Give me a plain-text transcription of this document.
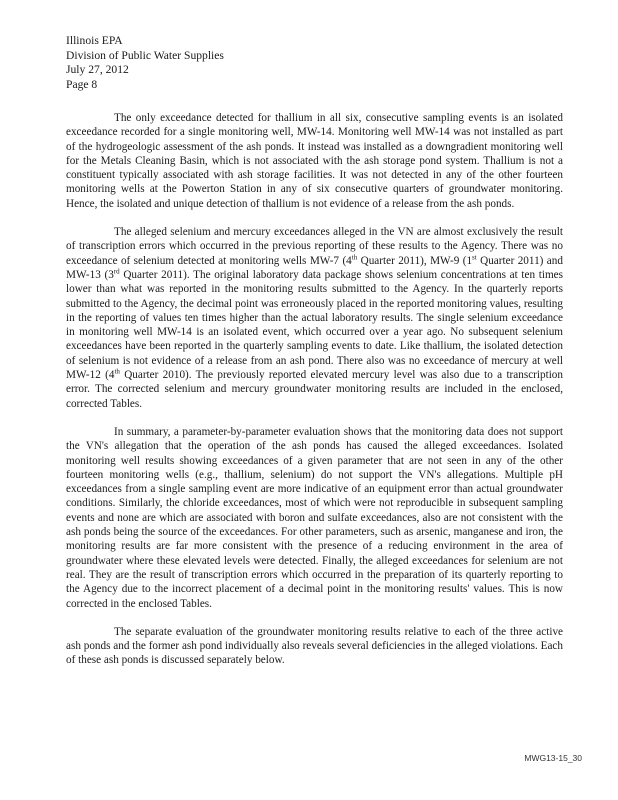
Illinois EPA
Division of Public Water Supplies
July 27, 2012
Page 8

The only exceedance detected for thallium in all six, consecutive sampling events is an isolated exceedance recorded for a single monitoring well, MW-14. Monitoring well MW-14 was not installed as part of the hydrogeologic assessment of the ash ponds. It instead was installed as a downgradient monitoring well for the Metals Cleaning Basin, which is not associated with the ash storage pond system. Thallium is not a constituent typically associated with ash storage facilities. It was not detected in any of the other fourteen monitoring wells at the Powerton Station in any of six consecutive quarters of groundwater monitoring. Hence, the isolated and unique detection of thallium is not evidence of a release from the ash ponds.

The alleged selenium and mercury exceedances alleged in the VN are almost exclusively the result of transcription errors which occurred in the previous reporting of these results to the Agency. There was no exceedance of selenium detected at monitoring wells MW-7 (4th Quarter 2011), MW-9 (1st Quarter 2011) and MW-13 (3rd Quarter 2011). The original laboratory data package shows selenium concentrations at ten times lower than what was reported in the monitoring results submitted to the Agency. In the quarterly reports submitted to the Agency, the decimal point was erroneously placed in the reported monitoring values, resulting in the reporting of values ten times higher than the actual laboratory results. The single selenium exceedance in monitoring well MW-14 is an isolated event, which occurred over a year ago. No subsequent selenium exceedances have been reported in the quarterly sampling events to date. Like thallium, the isolated detection of selenium is not evidence of a release from an ash pond. There also was no exceedance of mercury at well MW-12 (4th Quarter 2010). The previously reported elevated mercury level was also due to a transcription error. The corrected selenium and mercury groundwater monitoring results are included in the enclosed, corrected Tables.

In summary, a parameter-by-parameter evaluation shows that the monitoring data does not support the VN's allegation that the operation of the ash ponds has caused the alleged exceedances. Isolated monitoring well results showing exceedances of a given parameter that are not seen in any of the other fourteen monitoring wells (e.g., thallium, selenium) do not support the VN's allegations. Multiple pH exceedances from a single sampling event are more indicative of an equipment error than actual groundwater conditions. Similarly, the chloride exceedances, most of which were not reproducible in subsequent sampling events and none are which are associated with boron and sulfate exceedances, also are not consistent with the ash ponds being the source of the exceedances. For other parameters, such as arsenic, manganese and iron, the monitoring results are far more consistent with the presence of a reducing environment in the area of groundwater where these elevated levels were detected. Finally, the alleged exceedances for selenium are not real. They are the result of transcription errors which occurred in the preparation of its quarterly reporting to the Agency due to the incorrect placement of a decimal point in the monitoring results' values. This is now corrected in the enclosed Tables.

The separate evaluation of the groundwater monitoring results relative to each of the three active ash ponds and the former ash pond individually also reveals several deficiencies in the alleged violations. Each of these ash ponds is discussed separately below.

MWG13-15_30
